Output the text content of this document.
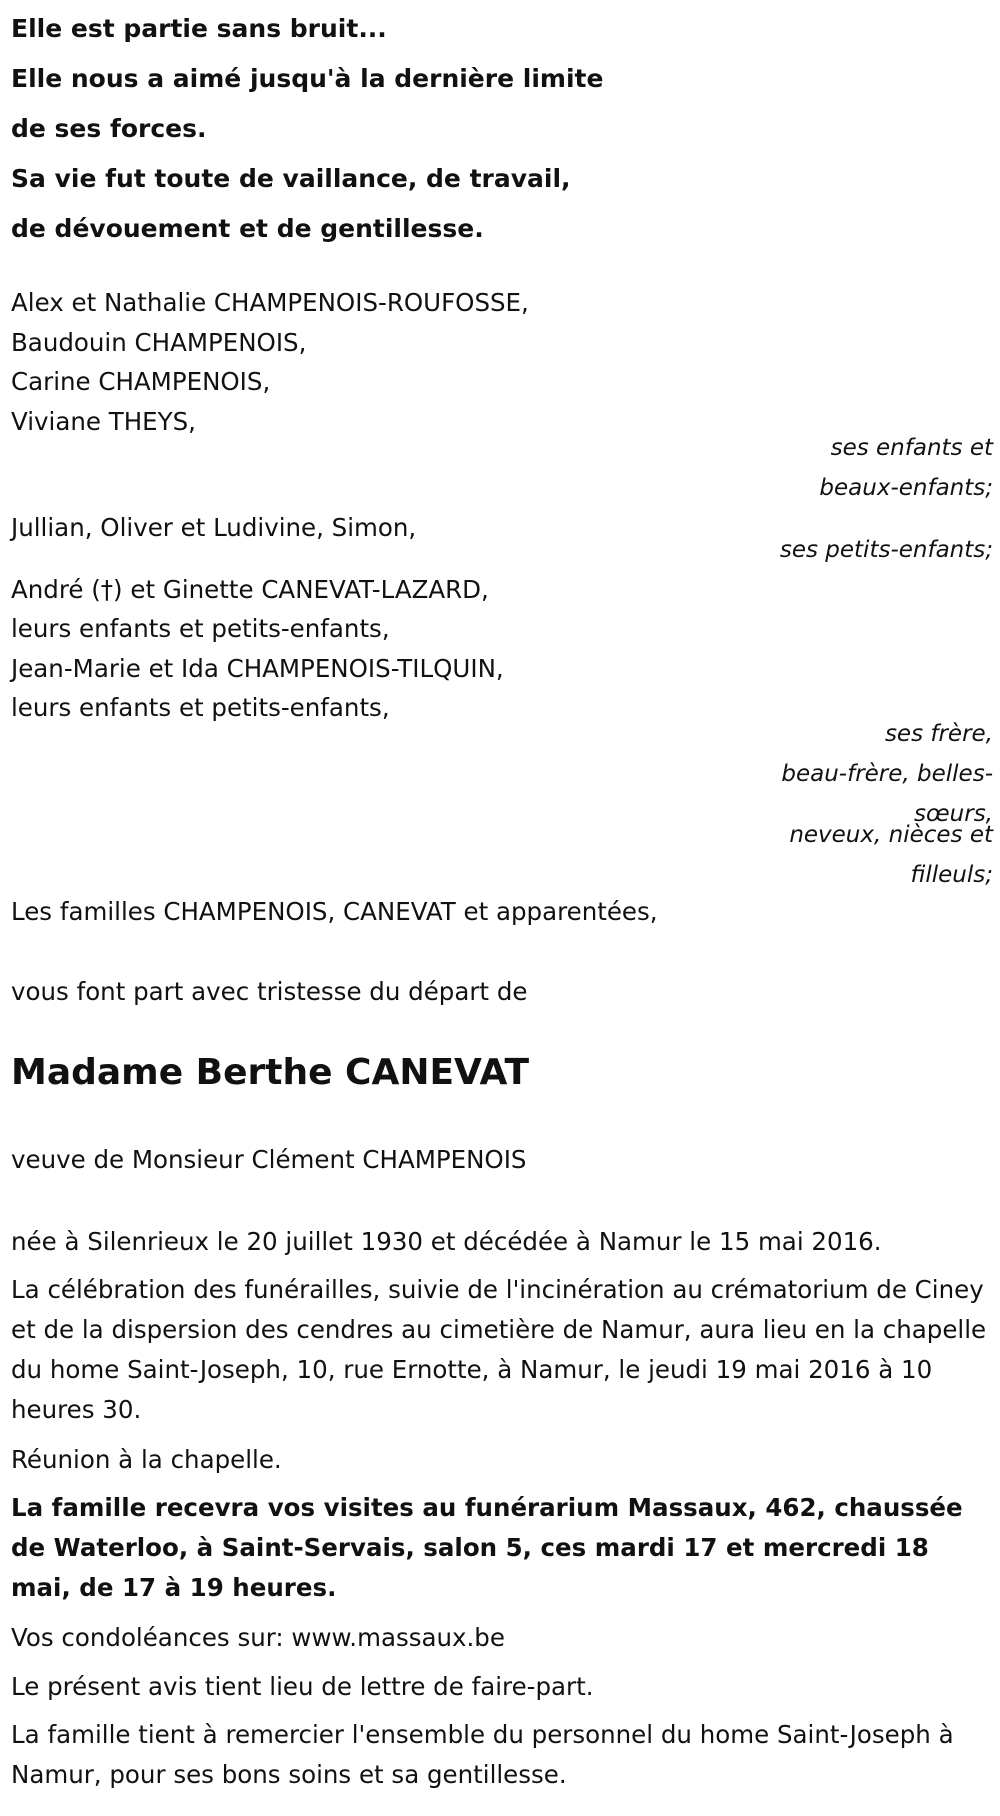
Elle est partie sans bruit...
Elle nous a aimé jusqu'à la dernière limite
de ses forces.
Sa vie fut toute de vaillance, de travail,
de dévouement et de gentillesse.
Alex et Nathalie CHAMPENOIS-ROUFOSSE,
Baudouin CHAMPENOIS,
Carine CHAMPENOIS,
Viviane THEYS,
ses enfants et
beaux-enfants;
Jullian, Oliver et Ludivine, Simon,
ses petits-enfants;
André (†) et Ginette CANEVAT-LAZARD,
leurs enfants et petits-enfants,
Jean-Marie et Ida CHAMPENOIS-TILQUIN,
leurs enfants et petits-enfants,
ses frère,
beau-frère, belles-
sœurs,
neveux, nièces et
filleuls;
Les familles CHAMPENOIS, CANEVAT et apparentées,
vous font part avec tristesse du départ de
Madame Berthe CANEVAT
veuve de Monsieur Clément CHAMPENOIS
née à Silenrieux le 20 juillet 1930 et décédée à Namur le 15 mai 2016.
La célébration des funérailles, suivie de l'incinération au crématorium de Ciney et de la dispersion des cendres au cimetière de Namur, aura lieu en la chapelle du home Saint-Joseph, 10, rue Ernotte, à Namur, le jeudi 19 mai 2016 à 10 heures 30.
Réunion à la chapelle.
La famille recevra vos visites au funérarium Massaux, 462, chaussée de Waterloo, à Saint-Servais, salon 5, ces mardi 17 et mercredi 18 mai, de 17 à 19 heures.
Vos condoléances sur: www.massaux.be
Le présent avis tient lieu de lettre de faire-part.
La famille tient à remercier l'ensemble du personnel du home Saint-Joseph à Namur, pour ses bons soins et sa gentillesse.
